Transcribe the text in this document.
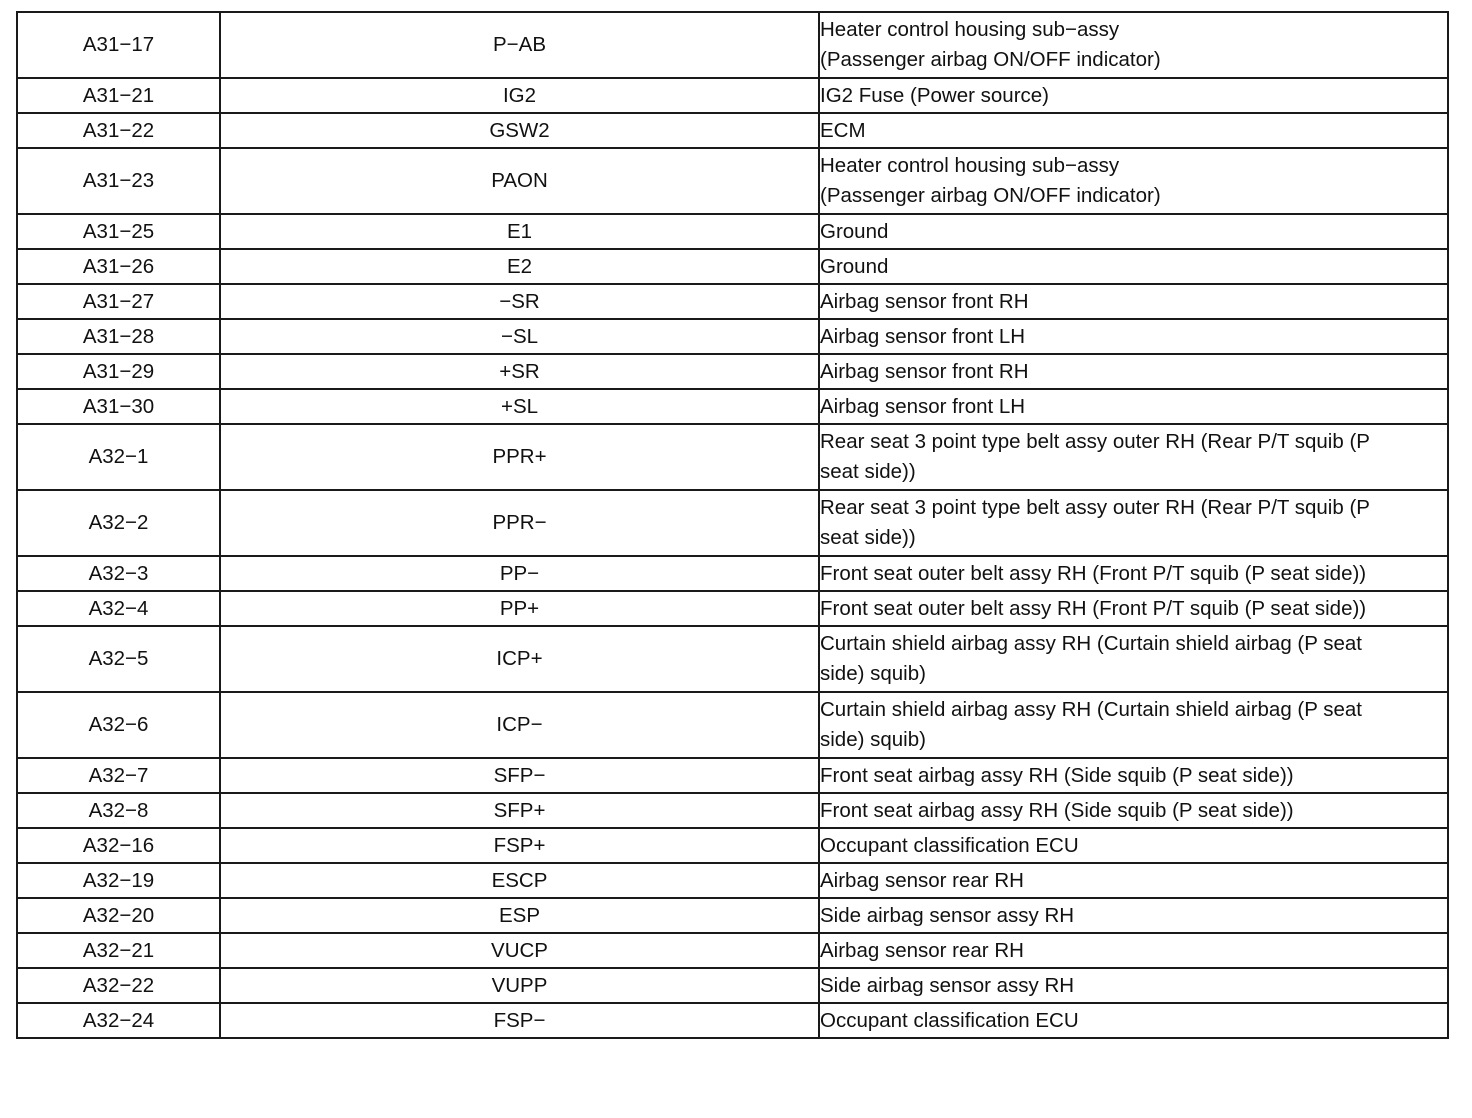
A31−17	P−AB	Heater control housing sub−assy
(Passenger airbag ON/OFF indicator)

A31−21	IG2	IG2 Fuse (Power source)

A31−22	GSW2	ECM

A31−23	PAON	Heater control housing sub−assy
(Passenger airbag ON/OFF indicator)

A31−25	E1	Ground

A31−26	E2	Ground

A31−27	−SR	Airbag sensor front RH

A31−28	−SL	Airbag sensor front LH

A31−29	+SR	Airbag sensor front RH

A31−30	+SL	Airbag sensor front LH

A32−1	PPR+	Rear seat 3 point type belt assy outer RH (Rear P/T squib (P
seat side))

A32−2	PPR−	Rear seat 3 point type belt assy outer RH (Rear P/T squib (P
seat side))

A32−3	PP−	Front seat outer belt assy RH (Front P/T squib (P seat side))

A32−4	PP+	Front seat outer belt assy RH (Front P/T squib (P seat side))

A32−5	ICP+	Curtain shield airbag assy RH (Curtain shield airbag (P seat
side) squib)

A32−6	ICP−	Curtain shield airbag assy RH (Curtain shield airbag (P seat
side) squib)

A32−7	SFP−	Front seat airbag assy RH (Side squib (P seat side))

A32−8	SFP+	Front seat airbag assy RH (Side squib (P seat side))

A32−16	FSP+	Occupant classification ECU

A32−19	ESCP	Airbag sensor rear RH

A32−20	ESP	Side airbag sensor assy RH

A32−21	VUCP	Airbag sensor rear RH

A32−22	VUPP	Side airbag sensor assy RH

A32−24	FSP−	Occupant classification ECU
